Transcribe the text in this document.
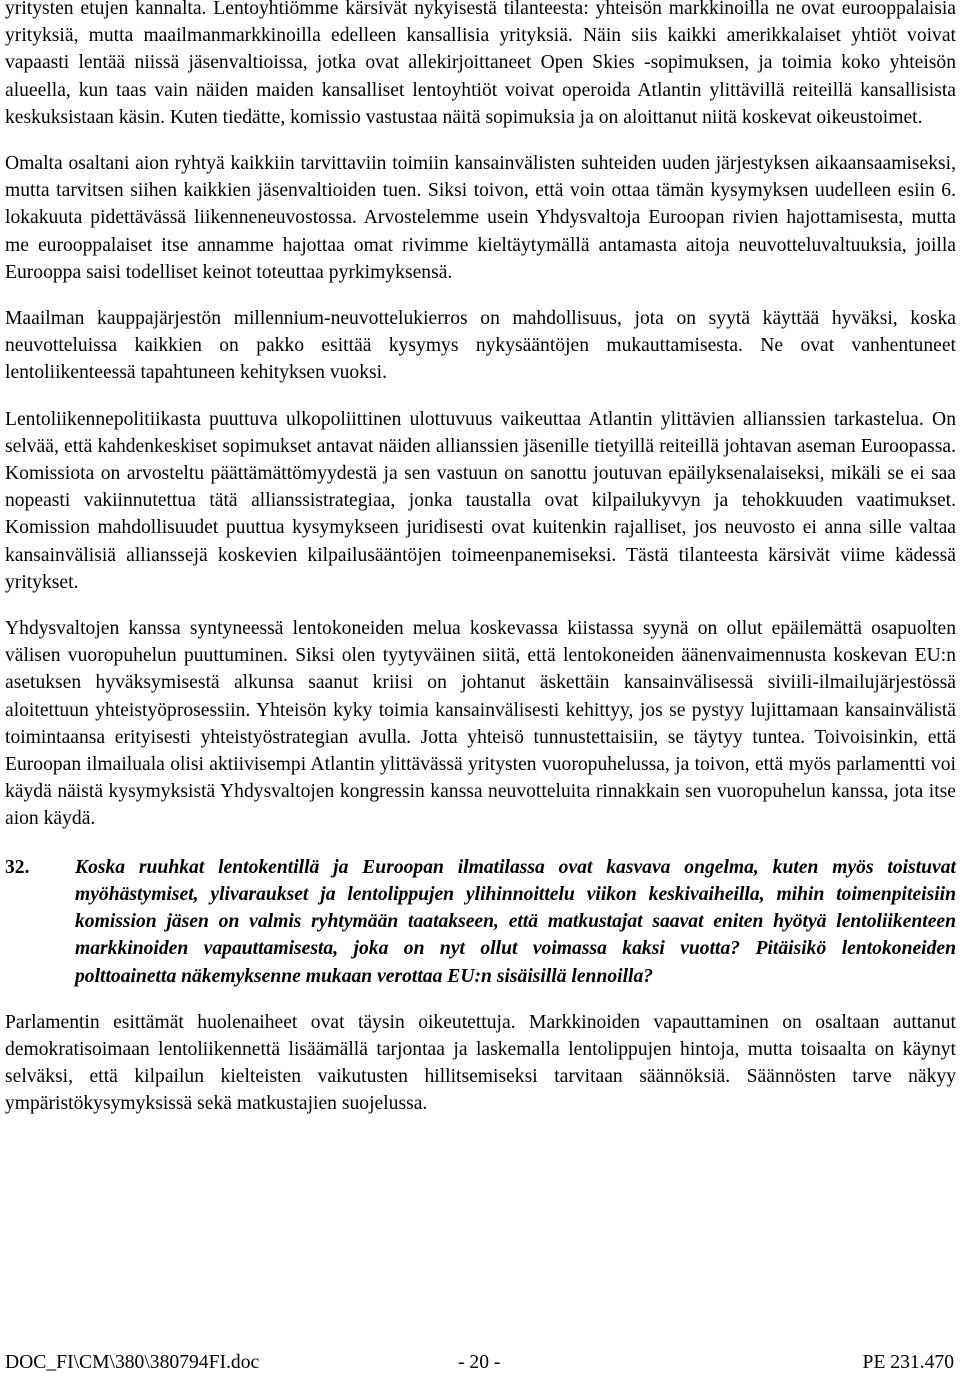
yritysten etujen kannalta. Lentoyhtiömme kärsivät nykyisestä tilanteesta: yhteisön markkinoilla ne ovat eurooppalaisia yrityksiä, mutta maailmanmarkkinoilla edelleen kansallisia yrityksiä. Näin siis kaikki amerikkalaiset yhtiöt voivat vapaasti lentää niissä jäsenvaltioissa, jotka ovat allekirjoittaneet Open Skies -sopimuksen, ja toimia koko yhteisön alueella, kun taas vain näiden maiden kansalliset lentoyhtiöt voivat operoida Atlantin ylittävillä reiteillä kansallisista keskuksistaan käsin. Kuten tiedätte, komissio vastustaa näitä sopimuksia ja on aloittanut niitä koskevat oikeustoimet.

Omalta osaltani aion ryhtyä kaikkiin tarvittaviin toimiin kansainvälisten suhteiden uuden järjestyksen aikaansaamiseksi, mutta tarvitsen siihen kaikkien jäsenvaltioiden tuen. Siksi toivon, että voin ottaa tämän kysymyksen uudelleen esiin 6. lokakuuta pidettävässä liikenneneuvostossa. Arvostelemme usein Yhdysvaltoja Euroopan rivien hajottamisesta, mutta me eurooppalaiset itse annamme hajottaa omat rivimme kieltäytymällä antamasta aitoja neuvotteluvaltuuksia, joilla Eurooppa saisi todelliset keinot toteuttaa pyrkimyksensä.

Maailman kauppajärjestön millennium-neuvottelukierros on mahdollisuus, jota on syytä käyttää hyväksi, koska neuvotteluissa kaikkien on pakko esittää kysymys nykysääntöjen mukauttamisesta. Ne ovat vanhentuneet lentoliikenteessä tapahtuneen kehityksen vuoksi.

Lentoliikennepolitiikasta puuttuva ulkopoliittinen ulottuvuus vaikeuttaa Atlantin ylittävien allianssien tarkastelua. On selvää, että kahdenkeskiset sopimukset antavat näiden allianssien jäsenille tietyillä reiteillä johtavan aseman Euroopassa. Komissiota on arvosteltu päättämättömyydestä ja sen vastuun on sanottu joutuvan epäilyksenalaiseksi, mikäli se ei saa nopeasti vakiinnutettua tätä allianssistrategiaa, jonka taustalla ovat kilpailukyvyn ja tehokkuuden vaatimukset. Komission mahdollisuudet puuttua kysymykseen juridisesti ovat kuitenkin rajalliset, jos neuvosto ei anna sille valtaa kansainvälisiä allianssejä koskevien kilpailusääntöjen toimeenpanemiseksi. Tästä tilanteesta kärsivät viime kädessä yritykset.

Yhdysvaltojen kanssa syntyneessä lentokoneiden melua koskevassa kiistassa syynä on ollut epäilemättä osapuolten välisen vuoropuhelun puuttuminen. Siksi olen tyytyväinen siitä, että lentokoneiden äänenvaimennusta koskevan EU:n asetuksen hyväksymisestä alkunsa saanut kriisi on johtanut äskettäin kansainvälisessä siviili-ilmailujärjestössä aloitettuun yhteistyöprosessiin. Yhteisön kyky toimia kansainvälisesti kehittyy, jos se pystyy lujittamaan kansainvälistä toimintaansa erityisesti yhteistyöstrategian avulla. Jotta yhteisö tunnustettaisiin, se täytyy tuntea. Toivoisinkin, että Euroopan ilmailuala olisi aktiivisempi Atlantin ylittävässä yritysten vuoropuhelussa, ja toivon, että myös parlamentti voi käydä näistä kysymyksistä Yhdysvaltojen kongressin kanssa neuvotteluita rinnakkain sen vuoropuhelun kanssa, jota itse aion käydä.

32.	Koska ruuhkat lentokentillä ja Euroopan ilmatilassa ovat kasvava ongelma, kuten myös toistuvat myöhästymiset, ylivaraukset ja lentolippujen ylihinnoittelu viikon keskivaiheilla, mihin toimenpiteisiin komission jäsen on valmis ryhtymään taatakseen, että matkustajat saavat eniten hyötyä lentoliikenteen markkinoiden vapauttamisesta, joka on nyt ollut voimassa kaksi vuotta? Pitäisikö lentokoneiden polttoainetta näkemyksenne mukaan verottaa EU:n sisäisillä lennoilla?

Parlamentin esittämät huolenaiheet ovat täysin oikeutettuja. Markkinoiden vapauttaminen on osaltaan auttanut demokratisoimaan lentoliikennettä lisäämällä tarjontaa ja laskemalla lentolippujen hintoja, mutta toisaalta on käynyt selväksi, että kilpailun kielteisten vaikutusten hillitsemiseksi tarvitaan säännöksiä. Säännösten tarve näkyy ympäristökysymyksissä sekä matkustajien suojelussa.

DOC_FI\CM\380\380794FI.doc	- 20 -	PE 231.470
